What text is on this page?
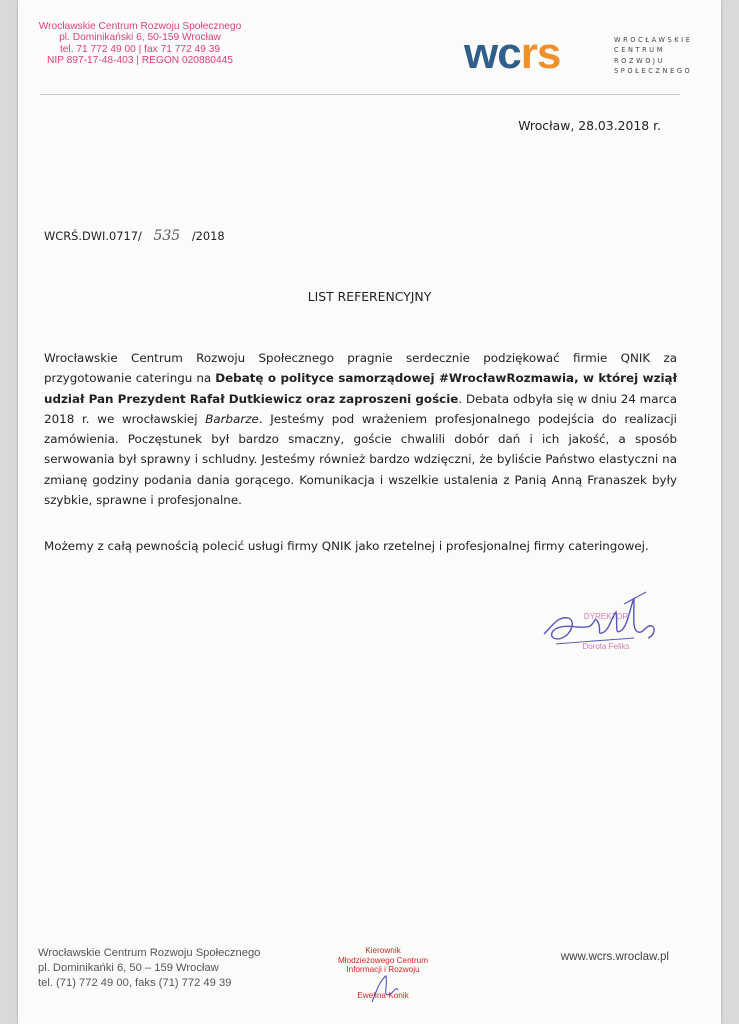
Wrocławskie Centrum Rozwoju Społecznego
pl. Dominikański 6, 50-159 Wrocław
tel. 71 772 49 00 | fax 71 772 49 39
NIP 897-17-48-403 | REGON 020880445	wcrs	WROCŁAWSKIE
CENTRUM
ROZWOJU
SPOŁECZNEGO
Wrocław, 28.03.2018 r.
WCRŚ.DWI.0717/ 535 /2018
LIST REFERENCYJNY
Wrocławskie Centrum Rozwoju Społecznego pragnie serdecznie podziękować firmie QNIK za przygotowanie cateringu na Debatę o polityce samorządowej #WrocławRozmawia, w której wziął udział Pan Prezydent Rafał Dutkiewicz oraz zaproszeni goście. Debata odbyła się w dniu 24 marca 2018 r. we wrocławskiej Barbarze. Jesteśmy pod wrażeniem profesjonalnego podejścia do realizacji zamówienia. Poczęstunek był bardzo smaczny, goście chwalili dobór dań i ich jakość, a sposób serwowania był sprawny i schludny. Jesteśmy również bardzo wdzięczni, że byliście Państwo elastyczni na zmianę godziny podania dania gorącego. Komunikacja i wszelkie ustalenia z Panią Anną Franaszek były szybkie, sprawne i profesjonalne.
Możemy z całą pewnością polecić usługi firmy QNIK jako rzetelnej i profesjonalnej firmy cateringowej.
DYREKTOR
Dorota Feliks
Wrocławskie Centrum Rozwoju Społecznego
pl. Dominikańki 6, 50 – 159 Wrocław
tel. (71) 772 49 00, faks (71) 772 49 39
Kierownik
Młodzieżowego Centrum
Informacji i Rozwoju
Ewelina Konik
www.wcrs.wroclaw.pl
